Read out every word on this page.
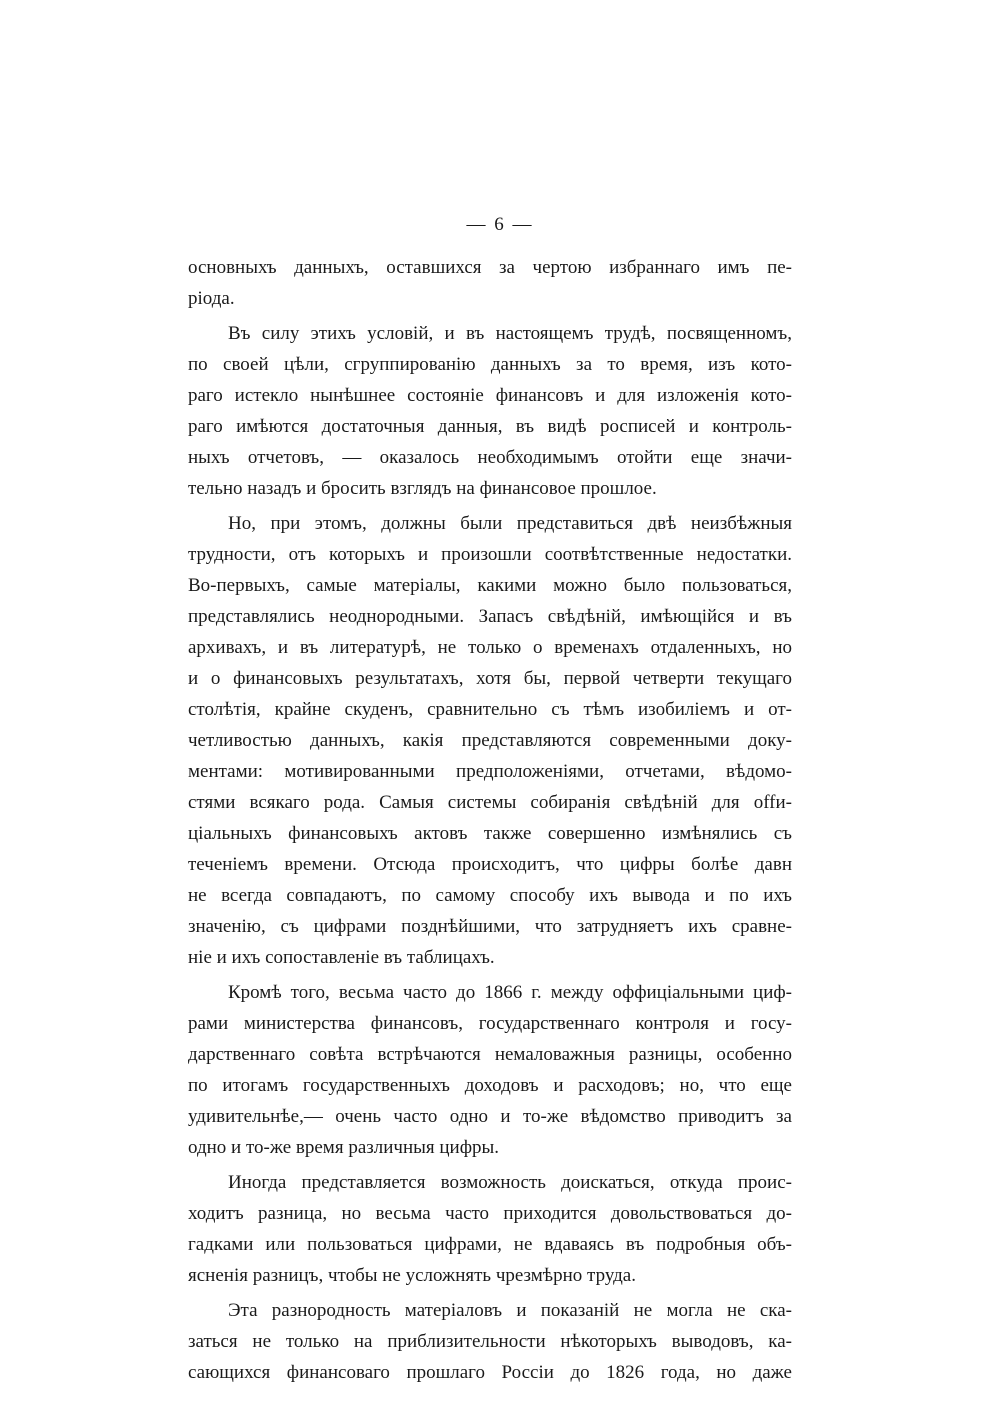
— 6 —
основныхъ данныхъ, оставшихся за чертою избраннаго имъ пе-
ріода.
Въ силу этихъ условій, и въ настоящемъ трудѣ, посвященномъ,
по своей цѣли, сгруппированію данныхъ за то время, изъ кото-
раго истекло нынѣшнее состояніе финансовъ и для изложенія кото-
раго имѣются достаточныя данныя, въ видѣ росписей и контроль-
ныхъ отчетовъ, — оказалось необходимымъ отойти еще значи-
тельно назадъ и бросить взглядъ на финансовое прошлое.
Но, при этомъ, должны были представиться двѣ неизбѣжныя
трудности, отъ которыхъ и произошли соотвѣтственные недостатки.
Во-первыхъ, самые матеріалы, какими можно было пользоваться,
представлялись неоднородными. Запасъ свѣдѣній, имѣющійся и въ
архивахъ, и въ литературѣ, не только о временахъ отдаленныхъ, но
и о финансовыхъ результатахъ, хотя бы, первой четверти текущаго
столѣтія, крайне скуденъ, сравнительно съ тѣмъ изобиліемъ и от-
четливостью данныхъ, какія представляются современными доку-
ментами: мотивированными предположеніями, отчетами, вѣдомо-
стями всякаго рода. Самыя системы собиранія свѣдѣній для offи-
ціальныхъ финансовыхъ актовъ также совершенно измѣнялись съ
теченіемъ времени. Отсюда происходитъ, что цифры болѣе давн
не всегда совпадаютъ, по самому способу ихъ вывода и по ихъ
значенію, съ цифрами позднѣйшими, что затрудняетъ ихъ сравне-
ніе и ихъ сопоставленіе въ таблицахъ.
Кромѣ того, весьма часто до 1866 г. между оффиціальными циф-
рами министерства финансовъ, государственнаго контроля и госу-
дарственнаго совѣта встрѣчаются немаловажныя разницы, особенно
по итогамъ государственныхъ доходовъ и расходовъ; но, что еще
удивительнѣе,— очень часто одно и то-же вѣдомство приводитъ за
одно и то-же время различныя цифры.
Иногда представляется возможность доискаться, откуда проис-
ходитъ разница, но весьма часто приходится довольствоваться до-
гадками или пользоваться цифрами, не вдаваясь въ подробныя объ-
ясненія разницъ, чтобы не усложнять чрезмѣрно труда.
Эта разнородность матеріаловъ и показаній не могла не ска-
заться не только на приблизительности нѣкоторыхъ выводовъ, ка-
сающихся финансоваго прошлаго Россіи до 1826 года, но даже
